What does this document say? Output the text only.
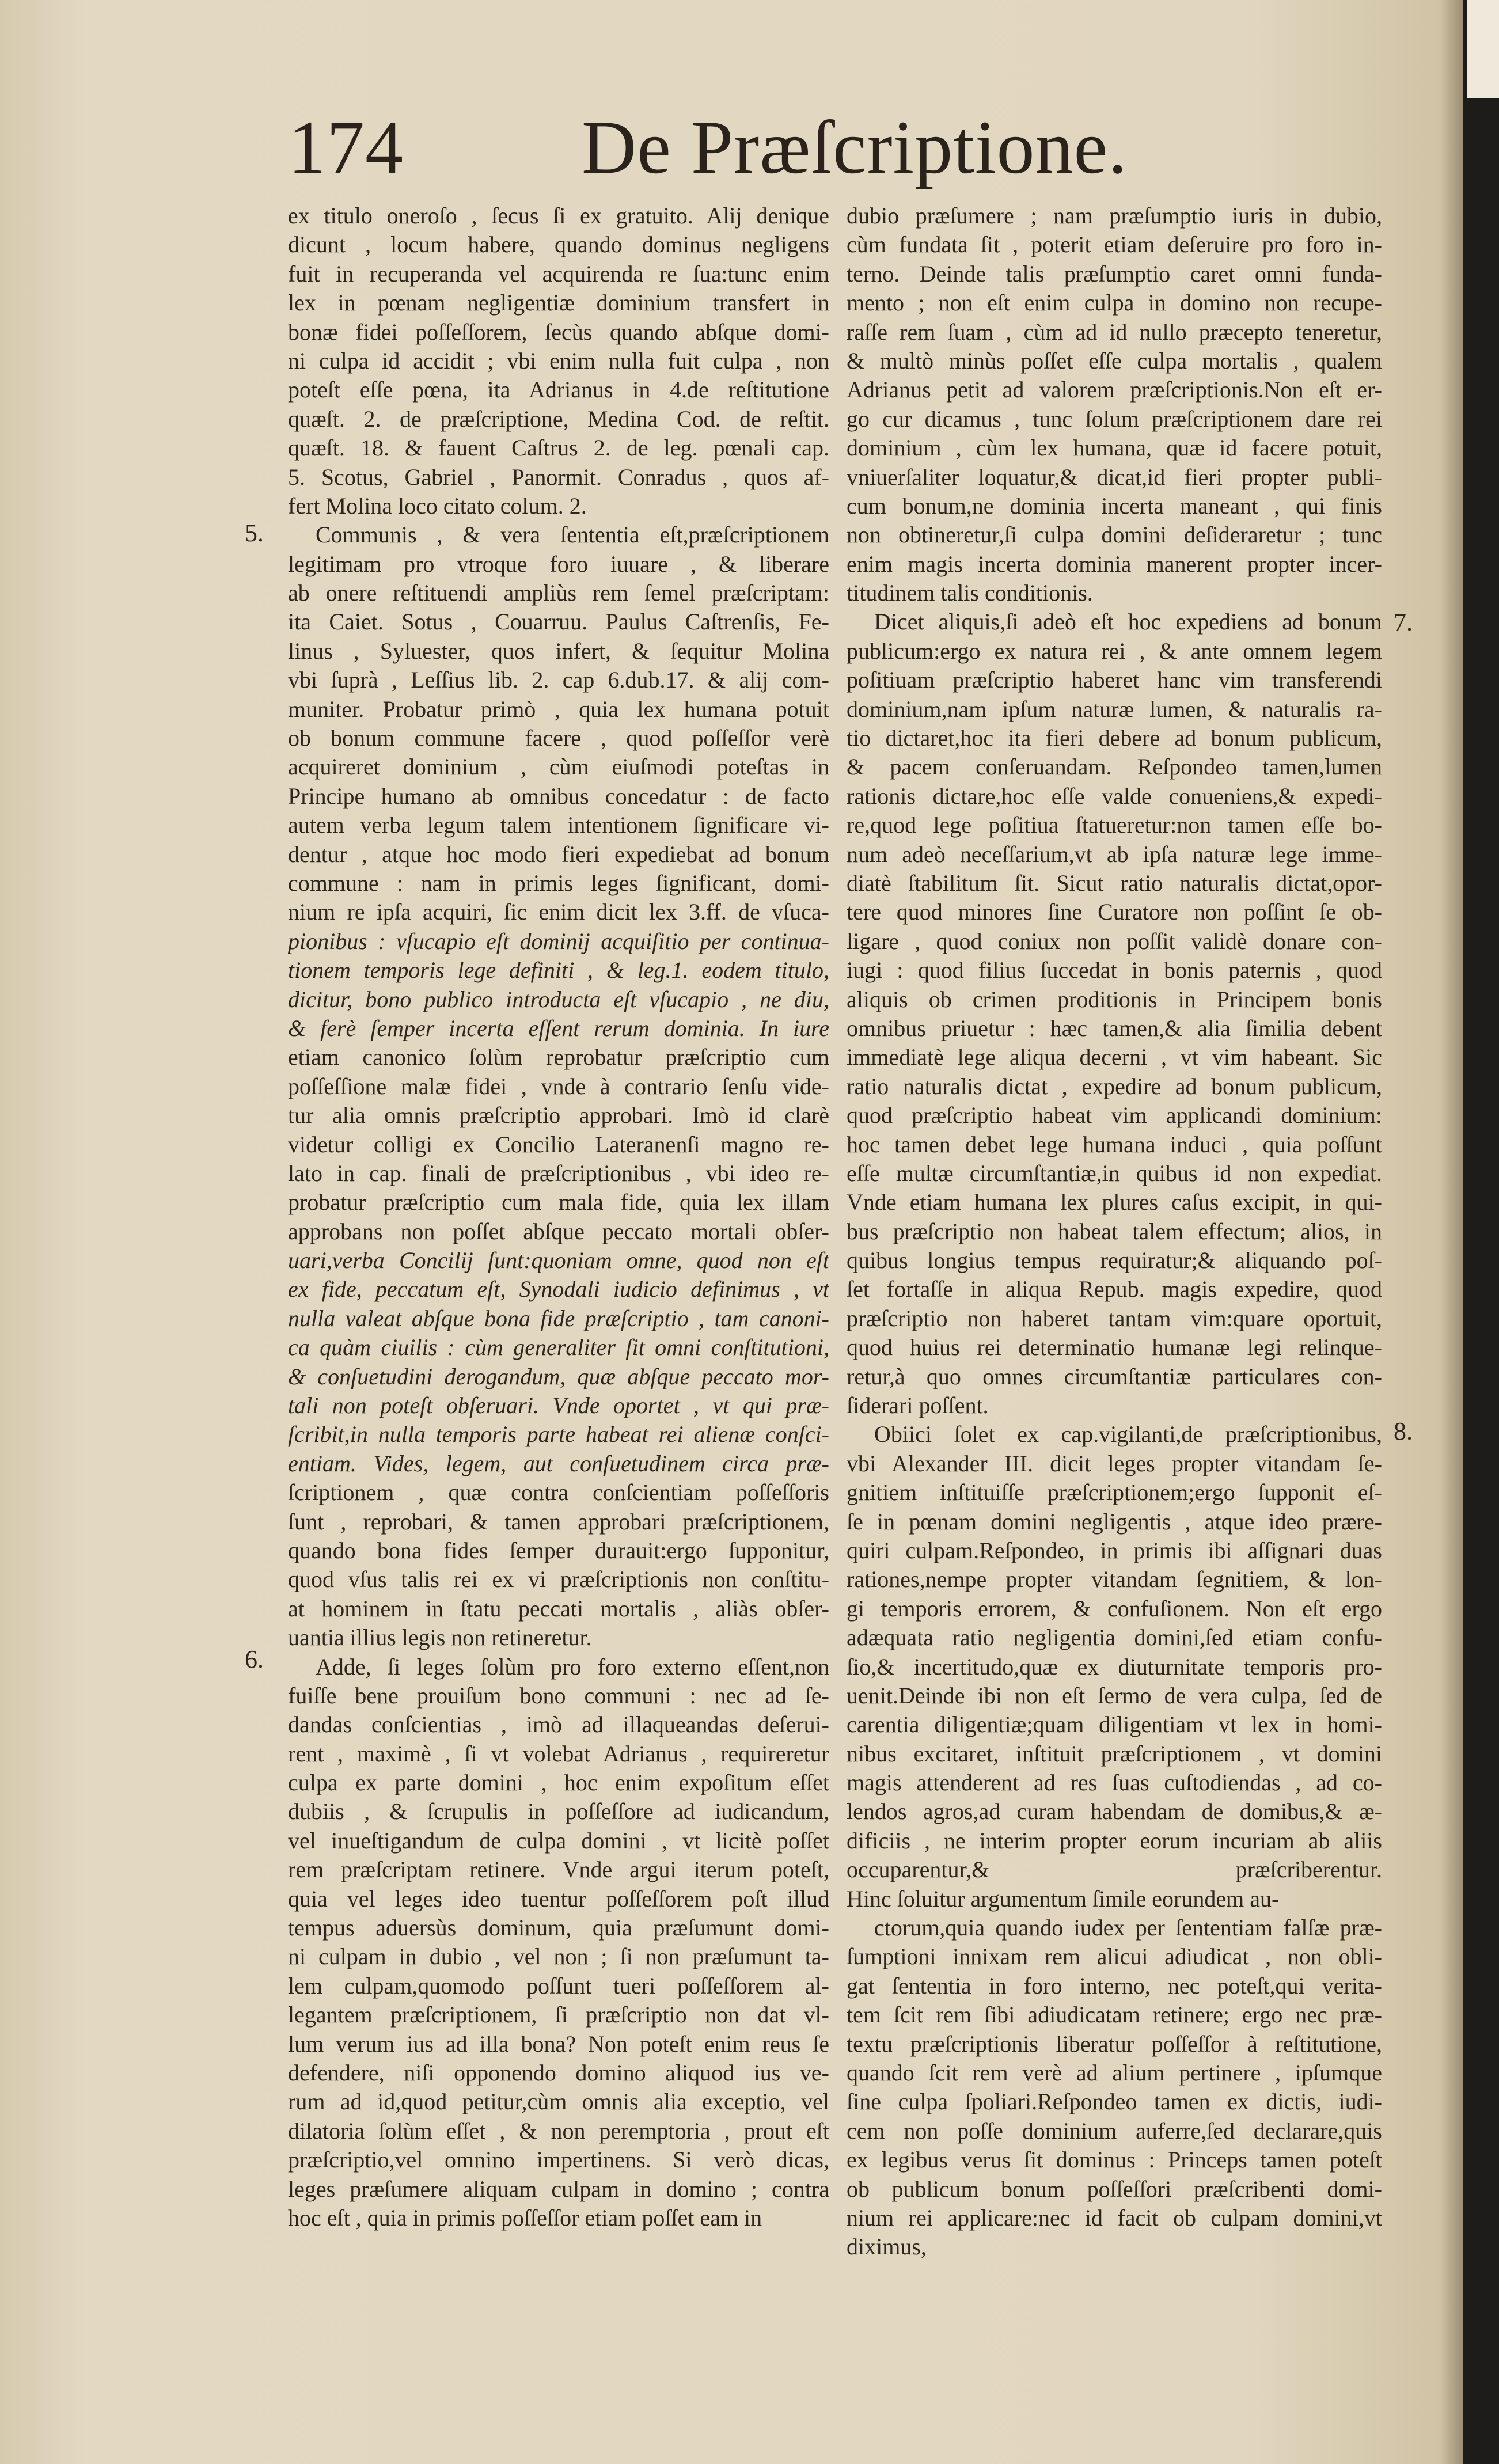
174 De Præſcriptione.
ex titulo oneroſo , ſecus ſi ex gratuito. Alij denique
dicunt , locum habere, quando dominus negligens
fuit in recuperanda vel acquirenda re ſua:tunc enim
lex in pœnam negligentiæ dominium transfert in
bonæ fidei poſſeſſorem, ſecùs quando abſque domi-
ni culpa id accidit ; vbi enim nulla fuit culpa , non
poteſt eſſe pœna, ita Adrianus in 4.de reſtitutione
quæſt. 2. de præſcriptione, Medina Cod. de reſtit.
quæſt. 18. & fauent Caſtrus 2. de leg. pœnali cap.
5. Scotus, Gabriel , Panormit. Conradus , quos af-
fert Molina loco citato colum. 2.
Communis , & vera ſententia eſt,præſcriptionem
legitimam pro vtroque foro iuuare , & liberare
ab onere reſtituendi ampliùs rem ſemel præſcriptam:
ita Caiet. Sotus , Couarruu. Paulus Caſtrenſis, Fe-
linus , Syluester, quos infert, & ſequitur Molina
vbi ſuprà , Leſſius lib. 2. cap 6.dub.17. & alij com-
muniter. Probatur primò , quia lex humana potuit
ob bonum commune facere , quod poſſeſſor verè
acquireret dominium , cùm eiuſmodi poteſtas in
Principe humano ab omnibus concedatur : de facto
autem verba legum talem intentionem ſignificare vi-
dentur , atque hoc modo fieri expediebat ad bonum
commune : nam in primis leges ſignificant, domi-
nium re ipſa acquiri, ſic enim dicit lex 3.ff. de vſuca-
pionibus : vſucapio eſt dominij acquiſitio per continua-
tionem temporis lege definiti , & leg.1. eodem titulo,
dicitur, bono publico introducta eſt vſucapio , ne diu,
& ferè ſemper incerta eſſent rerum dominia. In iure
etiam canonico ſolùm reprobatur præſcriptio cum
poſſeſſione malæ fidei , vnde à contrario ſenſu vide-
tur alia omnis præſcriptio approbari. Imò id clarè
videtur colligi ex Concilio Lateranenſi magno re-
lato in cap. finali de præſcriptionibus , vbi ideo re-
probatur præſcriptio cum mala fide, quia lex illam
approbans non poſſet abſque peccato mortali obſer-
uari,verba Concilij ſunt:quoniam omne, quod non eſt
ex fide, peccatum eſt, Synodali iudicio definimus , vt
nulla valeat abſque bona fide præſcriptio , tam canoni-
ca quàm ciuilis : cùm generaliter ſit omni conſtitutioni,
& conſuetudini derogandum, quæ abſque peccato mor-
tali non poteſt obſeruari. Vnde oportet , vt qui præ-
ſcribit,in nulla temporis parte habeat rei alienæ conſci-
entiam. Vides, legem, aut conſuetudinem circa præ-
ſcriptionem , quæ contra conſcientiam poſſeſſoris
ſunt , reprobari, & tamen approbari præſcriptionem,
quando bona fides ſemper durauit:ergo ſupponitur,
quod vſus talis rei ex vi præſcriptionis non conſtitu-
at hominem in ſtatu peccati mortalis , aliàs obſer-
uantia illius legis non retineretur.
Adde, ſi leges ſolùm pro foro externo eſſent,non
fuiſſe bene prouiſum bono communi : nec ad ſe-
dandas conſcientias , imò ad illaqueandas deſerui-
rent , maximè , ſi vt volebat Adrianus , requireretur
culpa ex parte domini , hoc enim expoſitum eſſet
dubiis , & ſcrupulis in poſſeſſore ad iudicandum,
vel inueſtigandum de culpa domini , vt licitè poſſet
rem præſcriptam retinere. Vnde argui iterum poteſt,
quia vel leges ideo tuentur poſſeſſorem poſt illud
tempus aduersùs dominum, quia præſumunt domi-
ni culpam in dubio , vel non ; ſi non præſumunt ta-
lem culpam,quomodo poſſunt tueri poſſeſſorem al-
legantem præſcriptionem, ſi præſcriptio non dat vl-
lum verum ius ad illa bona? Non poteſt enim reus ſe
defendere, niſi opponendo domino aliquod ius ve-
rum ad id,quod petitur,cùm omnis alia exceptio, vel
dilatoria ſolùm eſſet , & non peremptoria , prout eſt
præſcriptio,vel omnino impertinens. Si verò dicas,
leges præſumere aliquam culpam in domino ; contra
hoc eſt , quia in primis poſſeſſor etiam poſſet eam in
dubio præſumere ; nam præſumptio iuris in dubio,
cùm fundata ſit , poterit etiam deſeruire pro foro in-
terno. Deinde talis præſumptio caret omni funda-
mento ; non eſt enim culpa in domino non recupe-
raſſe rem ſuam , cùm ad id nullo præcepto teneretur,
& multò minùs poſſet eſſe culpa mortalis , qualem
Adrianus petit ad valorem præſcriptionis.Non eſt er-
go cur dicamus , tunc ſolum præſcriptionem dare rei
dominium , cùm lex humana, quæ id facere potuit,
vniuerſaliter loquatur,& dicat,id fieri propter publi-
cum bonum,ne dominia incerta maneant , qui finis
non obtineretur,ſi culpa domini deſideraretur ; tunc
enim magis incerta dominia manerent propter incer-
titudinem talis conditionis.
Dicet aliquis,ſi adeò eſt hoc expediens ad bonum
publicum:ergo ex natura rei , & ante omnem legem
poſitiuam præſcriptio haberet hanc vim transferendi
dominium,nam ipſum naturæ lumen, & naturalis ra-
tio dictaret,hoc ita fieri debere ad bonum publicum,
& pacem conſeruandam. Reſpondeo tamen,lumen
rationis dictare,hoc eſſe valde conueniens,& expedi-
re,quod lege poſitiua ſtatueretur:non tamen eſſe bo-
num adeò neceſſarium,vt ab ipſa naturæ lege imme-
diatè ſtabilitum ſit. Sicut ratio naturalis dictat,opor-
tere quod minores ſine Curatore non poſſint ſe ob-
ligare , quod coniux non poſſit validè donare con-
iugi : quod filius ſuccedat in bonis paternis , quod
aliquis ob crimen proditionis in Principem bonis
omnibus priuetur : hæc tamen,& alia ſimilia debent
immediatè lege aliqua decerni , vt vim habeant. Sic
ratio naturalis dictat , expedire ad bonum publicum,
quod præſcriptio habeat vim applicandi dominium:
hoc tamen debet lege humana induci , quia poſſunt
eſſe multæ circumſtantiæ,in quibus id non expediat.
Vnde etiam humana lex plures caſus excipit, in qui-
bus præſcriptio non habeat talem effectum; alios, in
quibus longius tempus requiratur;& aliquando poſ-
ſet fortaſſe in aliqua Repub. magis expedire, quod
præſcriptio non haberet tantam vim:quare oportuit,
quod huius rei determinatio humanæ legi relinque-
retur,à quo omnes circumſtantiæ particulares con-
ſiderari poſſent.
Obiici ſolet ex cap.vigilanti,de præſcriptionibus,
vbi Alexander III. dicit leges propter vitandam ſe-
gnitiem inſtituiſſe præſcriptionem;ergo ſupponit eſ-
ſe in pœnam domini negligentis , atque ideo prære-
quiri culpam.Reſpondeo, in primis ibi aſſignari duas
rationes,nempe propter vitandam ſegnitiem, & lon-
gi temporis errorem, & confuſionem. Non eſt ergo
adæquata ratio negligentia domini,ſed etiam confu-
ſio,& incertitudo,quæ ex diuturnitate temporis pro-
uenit.Deinde ibi non eſt ſermo de vera culpa, ſed de
carentia diligentiæ;quam diligentiam vt lex in homi-
nibus excitaret, inſtituit præſcriptionem , vt domini
magis attenderent ad res ſuas cuſtodiendas , ad co-
lendos agros,ad curam habendam de domibus,& æ-
dificiis , ne interim propter eorum incuriam ab aliis
occuparentur,& præſcriberentur.
Hinc ſoluitur argumentum ſimile eorundem au-
ctorum,quia quando iudex per ſententiam falſæ præ-
ſumptioni innixam rem alicui adiudicat , non obli-
gat ſententia in foro interno, nec poteſt,qui verita-
tem ſcit rem ſibi adiudicatam retinere; ergo nec præ-
textu præſcriptionis liberatur poſſeſſor à reſtitutione,
quando ſcit rem verè ad alium pertinere , ipſumque
ſine culpa ſpoliari.Reſpondeo tamen ex dictis, iudi-
cem non poſſe dominium auferre,ſed declarare,quis
ex legibus verus ſit dominus : Princeps tamen poteſt
ob publicum bonum poſſeſſori præſcribenti domi-
nium rei applicare:nec id facit ob culpam domini,vt
diximus,
5.
6.
7.
8.
